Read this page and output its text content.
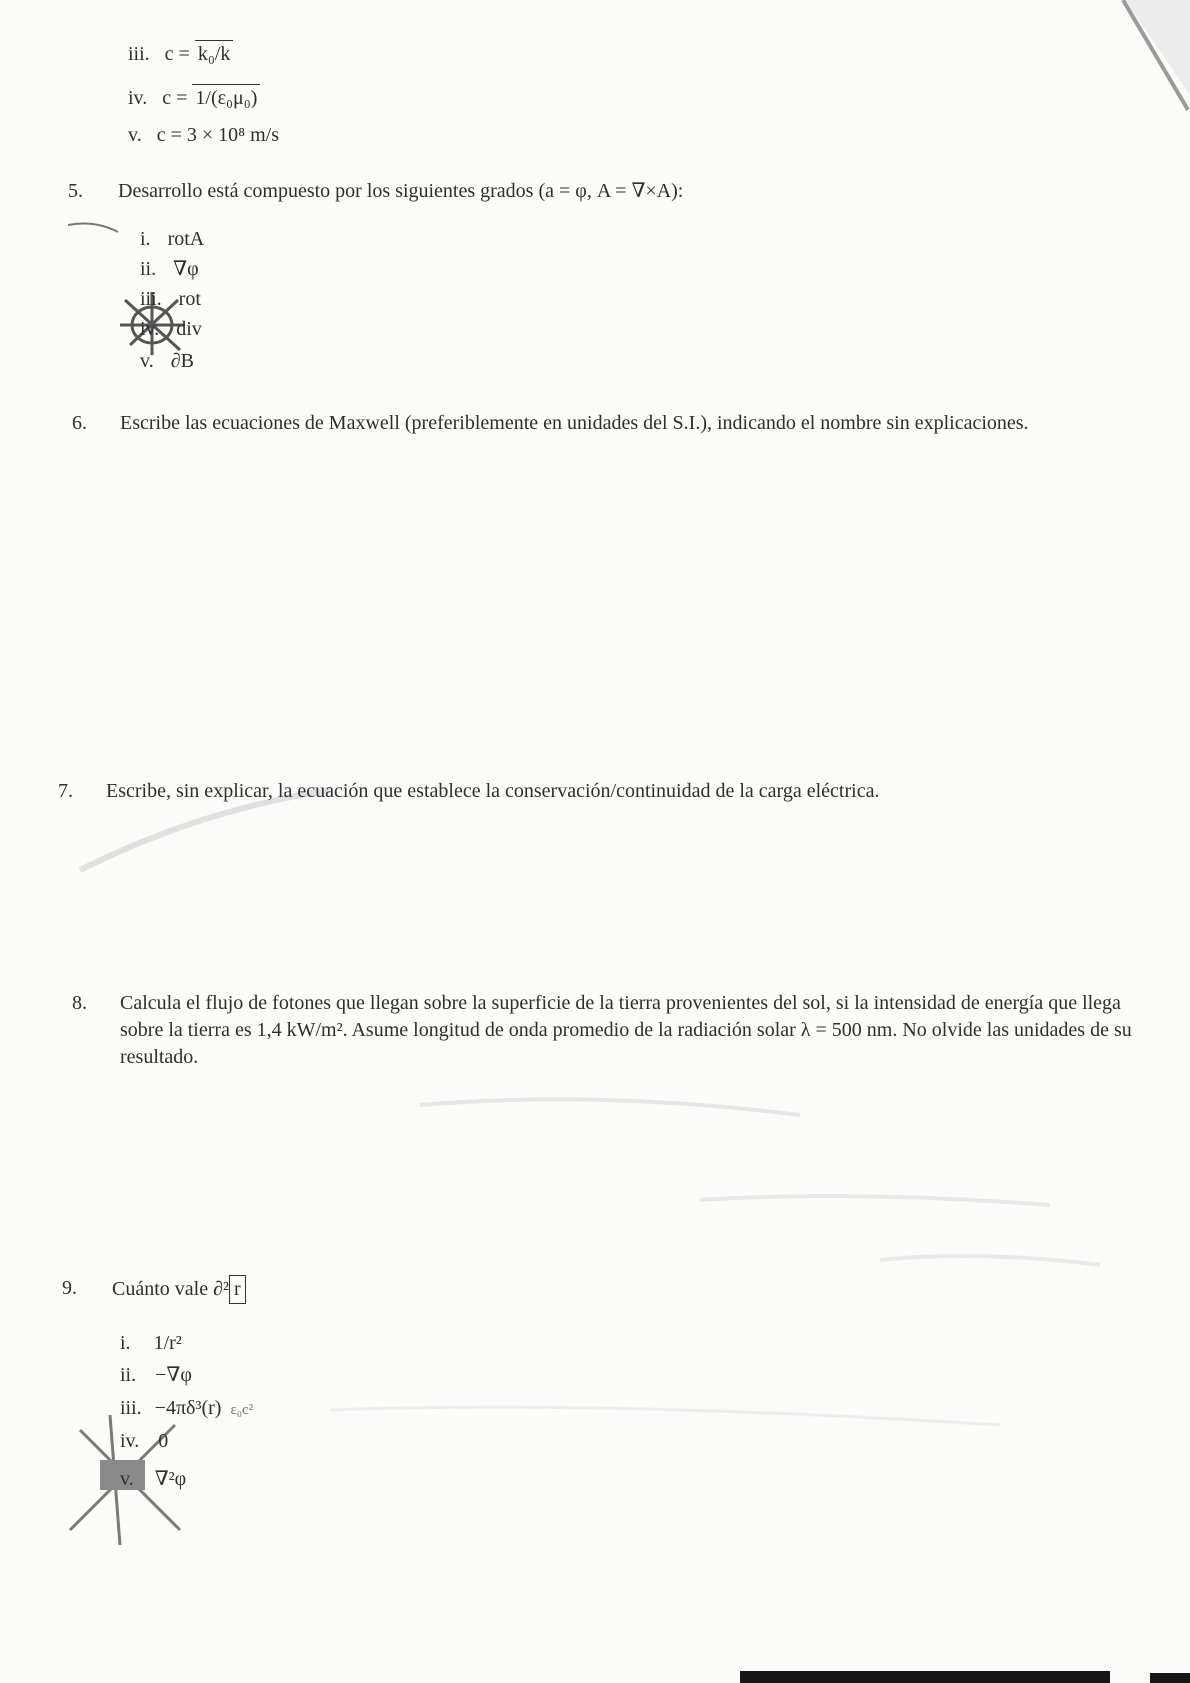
iii. c = k₀/k
iv. c = 1/(ε₀μ₀)
v. c = 3 × 10⁸ m/s
5. Desarrollo está compuesto por los siguientes grados (a = φ, A = ∇×A):
i. rotA
ii. ∇φ
iii. rot
iv. div
v. ∂B
6. Escribe las ecuaciones de Maxwell (preferiblemente en unidades del S.I.), indicando el nombre sin explicaciones.
7. Escribe, sin explicar, la ecuación que establece la conservación/continuidad de la carga eléctrica.
8. Calcula el flujo de fotones que llegan sobre la superficie de la tierra provenientes del sol, si la intensidad de energía que llega sobre la tierra es 1,4 kW/m². Asume longitud de onda promedio de la radiación solar λ = 500 nm. No olvide las unidades de su resultado.
9. Cuánto vale ∂² r
i. 1/r²
ii. −∇φ
iii. −4πδ³(r) ε₀c²
iv. 0
v. ∇²φ
